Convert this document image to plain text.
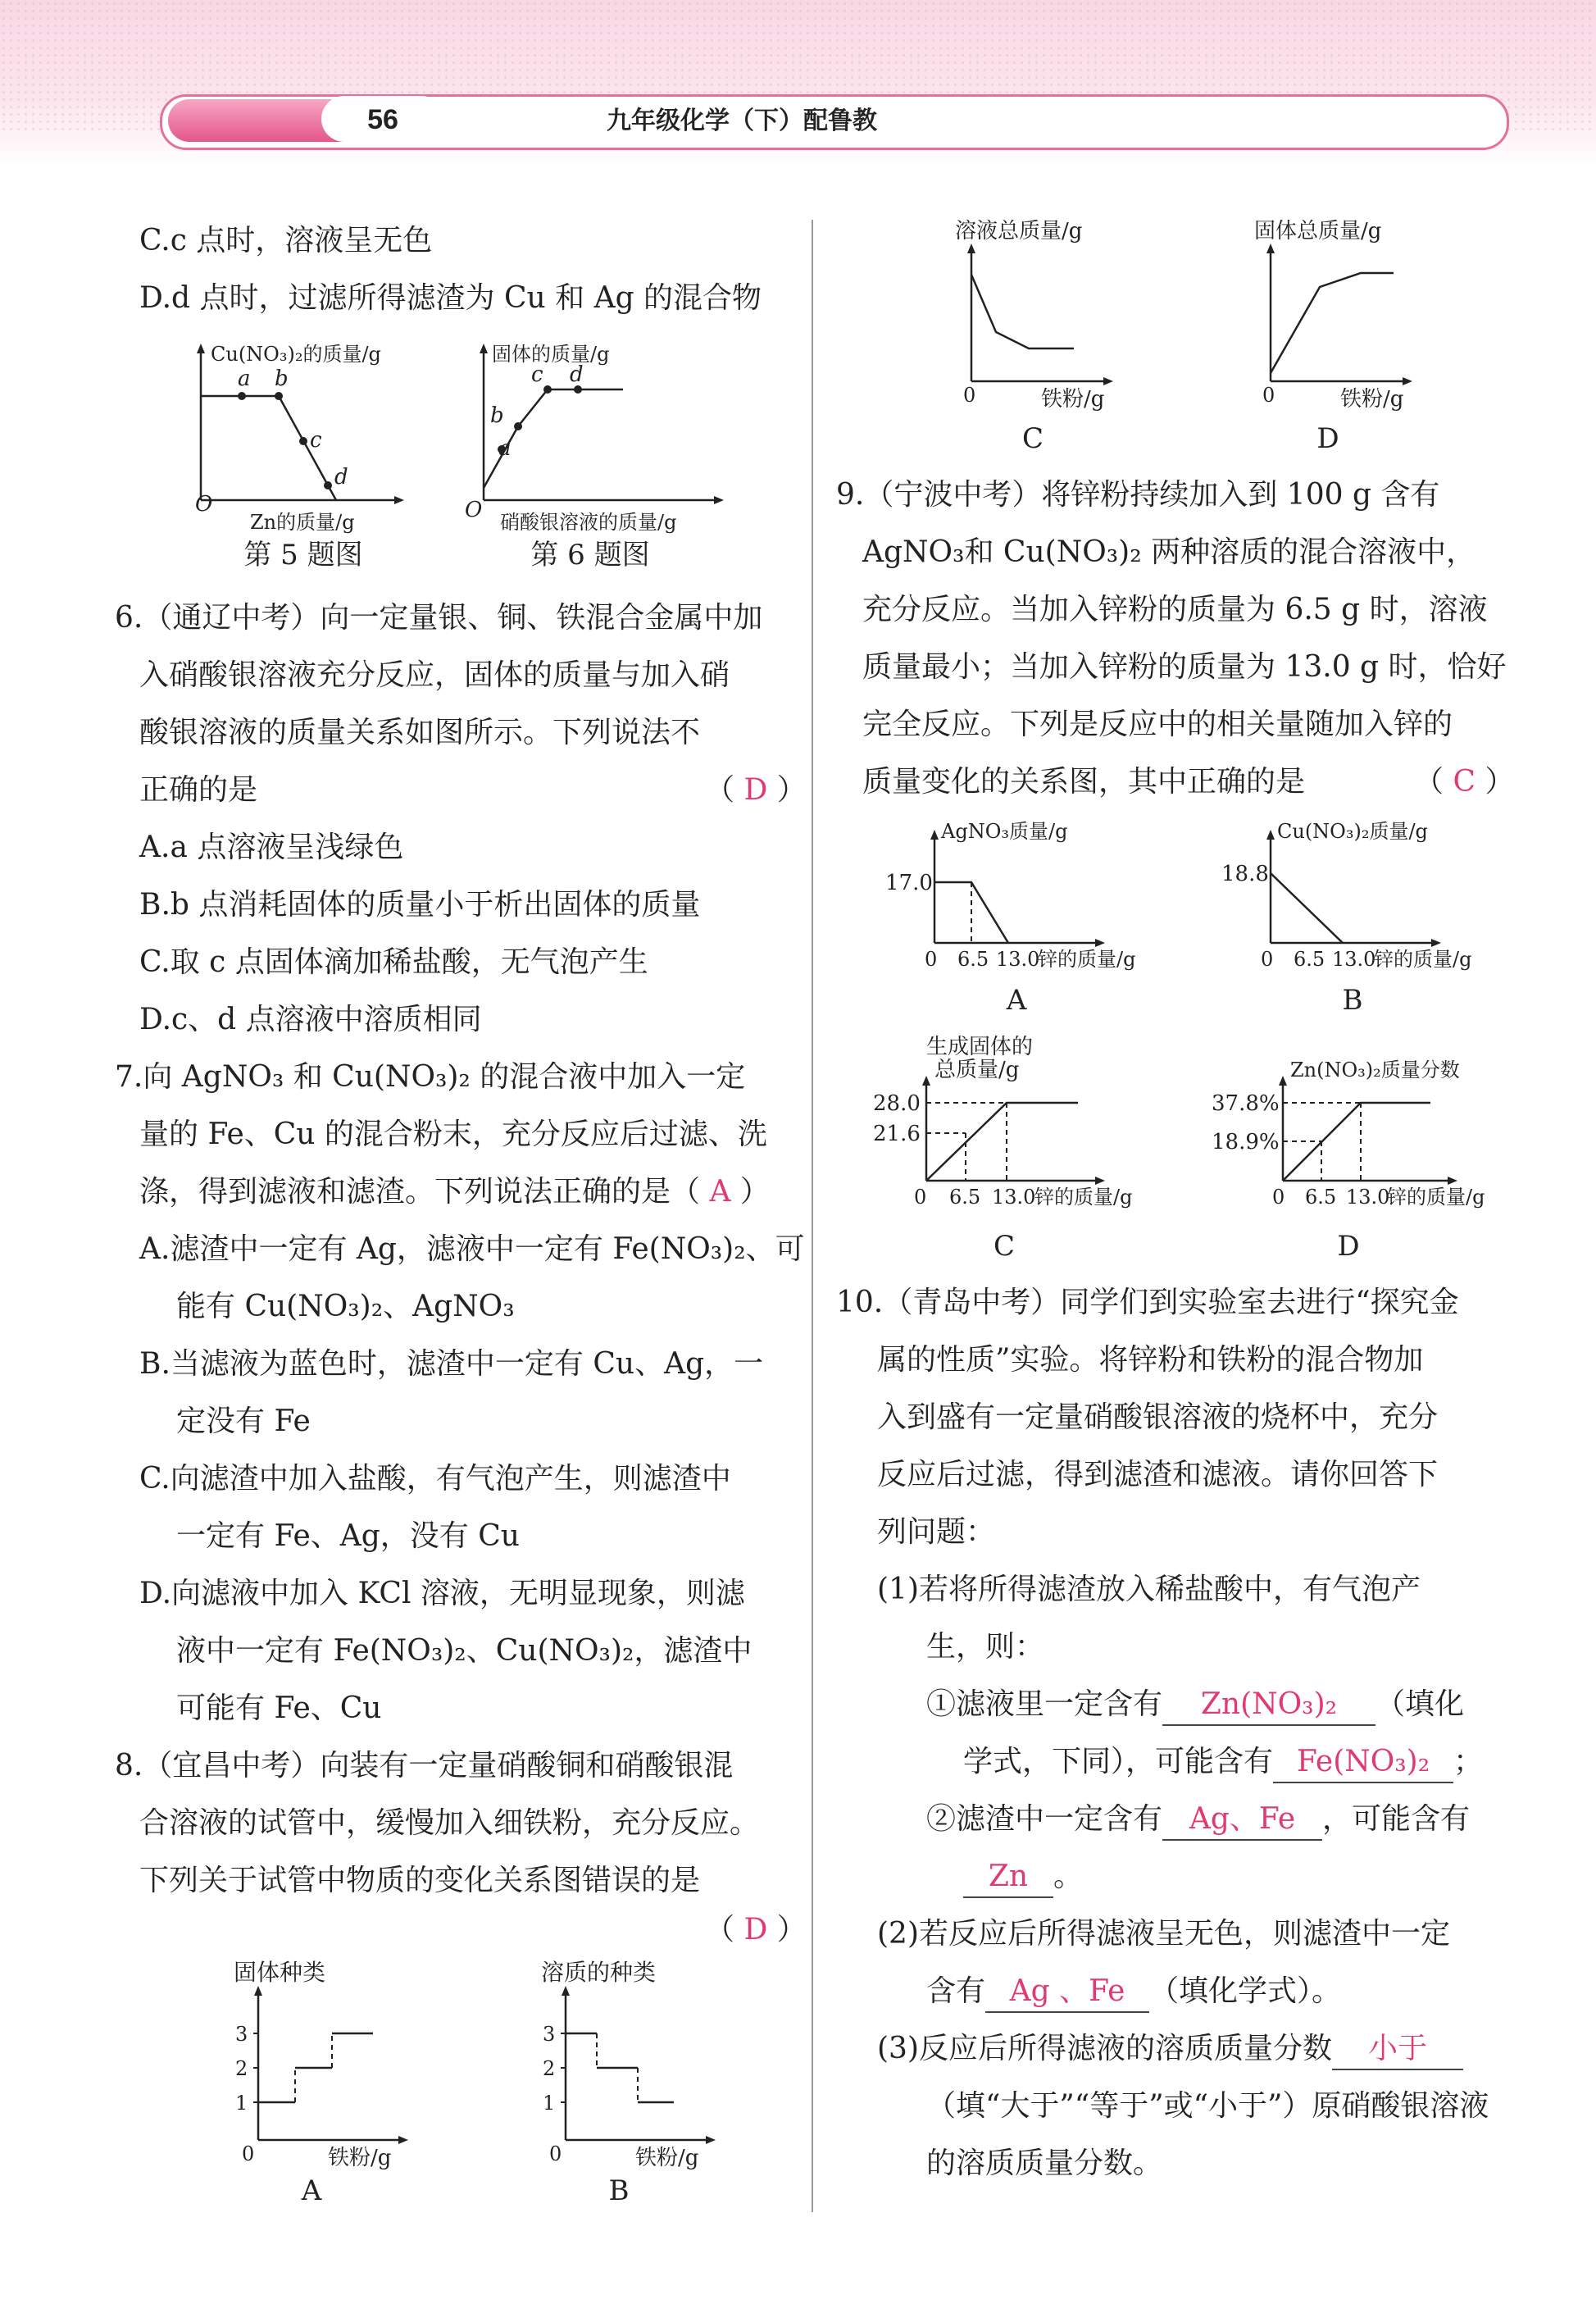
56	九年级化学（下）配鲁教
C.c 点时，溶液呈无色
D.d 点时，过滤所得滤渣为 Cu 和 Ag 的混合物
Cu(NO₃)₂的质量/g
a b
c
d
O
Zn的质量/g
第 5 题图
固体的质量/g
a
b
c d
O 硝酸银溶液的质量/g
第 6 题图
6.（通辽中考）向一定量银、铜、铁混合金属中加
入硝酸银溶液充分反应，固体的质量与加入硝
酸银溶液的质量关系如图所示。下列说法不
正确的是	（ D ）
A.a 点溶液呈浅绿色
B.b 点消耗固体的质量小于析出固体的质量
C.取 c 点固体滴加稀盐酸，无气泡产生
D.c、d 点溶液中溶质相同
7.向 AgNO₃ 和 Cu(NO₃)₂ 的混合液中加入一定
量的 Fe、Cu 的混合粉末，充分反应后过滤、洗
涤，得到滤液和滤渣。下列说法正确的是（ A ）
A.滤渣中一定有 Ag，滤液中一定有 Fe(NO₃)₂、可
能有 Cu(NO₃)₂、AgNO₃
B.当滤液为蓝色时，滤渣中一定有 Cu、Ag，一
定没有 Fe
C.向滤渣中加入盐酸，有气泡产生，则滤渣中
一定有 Fe、Ag，没有 Cu
D.向滤液中加入 KCl 溶液，无明显现象，则滤
液中一定有 Fe(NO₃)₂、Cu(NO₃)₂，滤渣中
可能有 Fe、Cu
8.（宜昌中考）向装有一定量硝酸铜和硝酸银混
合溶液的试管中，缓慢加入细铁粉，充分反应。
下列关于试管中物质的变化关系图错误的是
（ D ）
固体种类
3
2
1
0	铁粉/g
A
溶质的种类
3
2
1
0	铁粉/g
B
溶液总质量/g
0	铁粉/g
C
固体总质量/g
0	铁粉/g
D
9.（宁波中考）将锌粉持续加入到 100 g 含有
AgNO₃和 Cu(NO₃)₂ 两种溶质的混合溶液中，
充分反应。当加入锌粉的质量为 6.5 g 时，溶液
质量最小；当加入锌粉的质量为 13.0 g 时，恰好
完全反应。下列是反应中的相关量随加入锌的
质量变化的关系图，其中正确的是	（ C ）
AgNO₃质量/g
17.0
0 6.5 13.0
锌的质量/g
A
Cu(NO₃)₂质量/g
18.8
0 6.5 13.0
锌的质量/g
B
生成固体的
总质量/g
28.0
21.6
0 6.5 13.0
锌的质量/g
C
Zn(NO₃)₂质量分数
37.8%
18.9%
0 6.5 13.0
锌的质量/g
D
10.（青岛中考）同学们到实验室去进行“探究金
属的性质”实验。将锌粉和铁粉的混合物加
入到盛有一定量硝酸银溶液的烧杯中，充分
反应后过滤，得到滤渣和滤液。请你回答下
列问题：
(1)若将所得滤渣放入稀盐酸中，有气泡产
生，则：
①滤液里一定含有 Zn(NO₃)₂ （填化
学式，下同），可能含有 Fe(NO₃)₂ ；
②滤渣中一定含有 Ag、Fe ，可能含有
Zn 。
(2)若反应后所得滤液呈无色，则滤渣中一定
含有 Ag 、Fe （填化学式）。
(3)反应后所得滤液的溶质质量分数 小于
（填“大于”“等于”或“小于”）原硝酸银溶液
的溶质质量分数。
